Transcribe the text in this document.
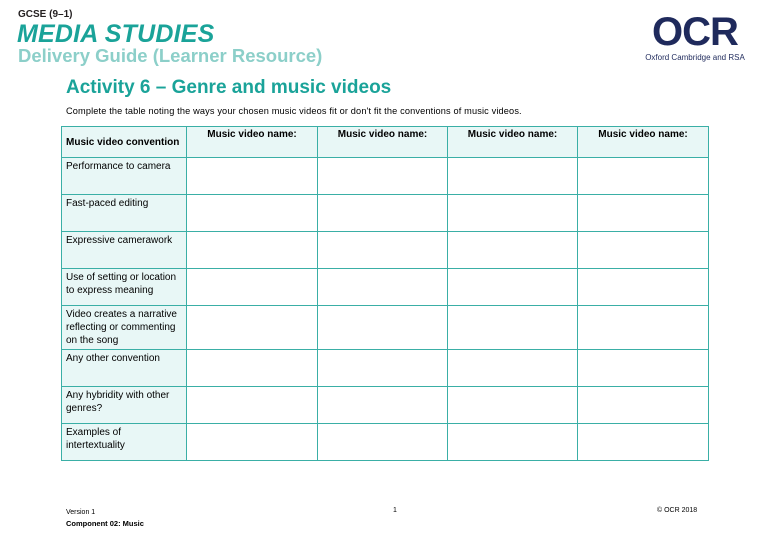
GCSE (9–1)
MEDIA STUDIES
Delivery Guide (Learner Resource)
OCR
Oxford Cambridge and RSA
Activity 6 – Genre and music videos
Complete the table noting the ways your chosen music videos fit or don't fit the conventions of music videos.
Music video convention	Music video name:	Music video name:	Music video name:	Music video name:
Performance to camera				
Fast-paced editing				
Expressive camerawork				
Use of setting or location to express meaning				
Video creates a narrative reflecting or commenting on the song				
Any other convention				
Any hybridity with other genres?				
Examples of intertextuality				
Version 1
Component 02: Music
1	© OCR 2018
